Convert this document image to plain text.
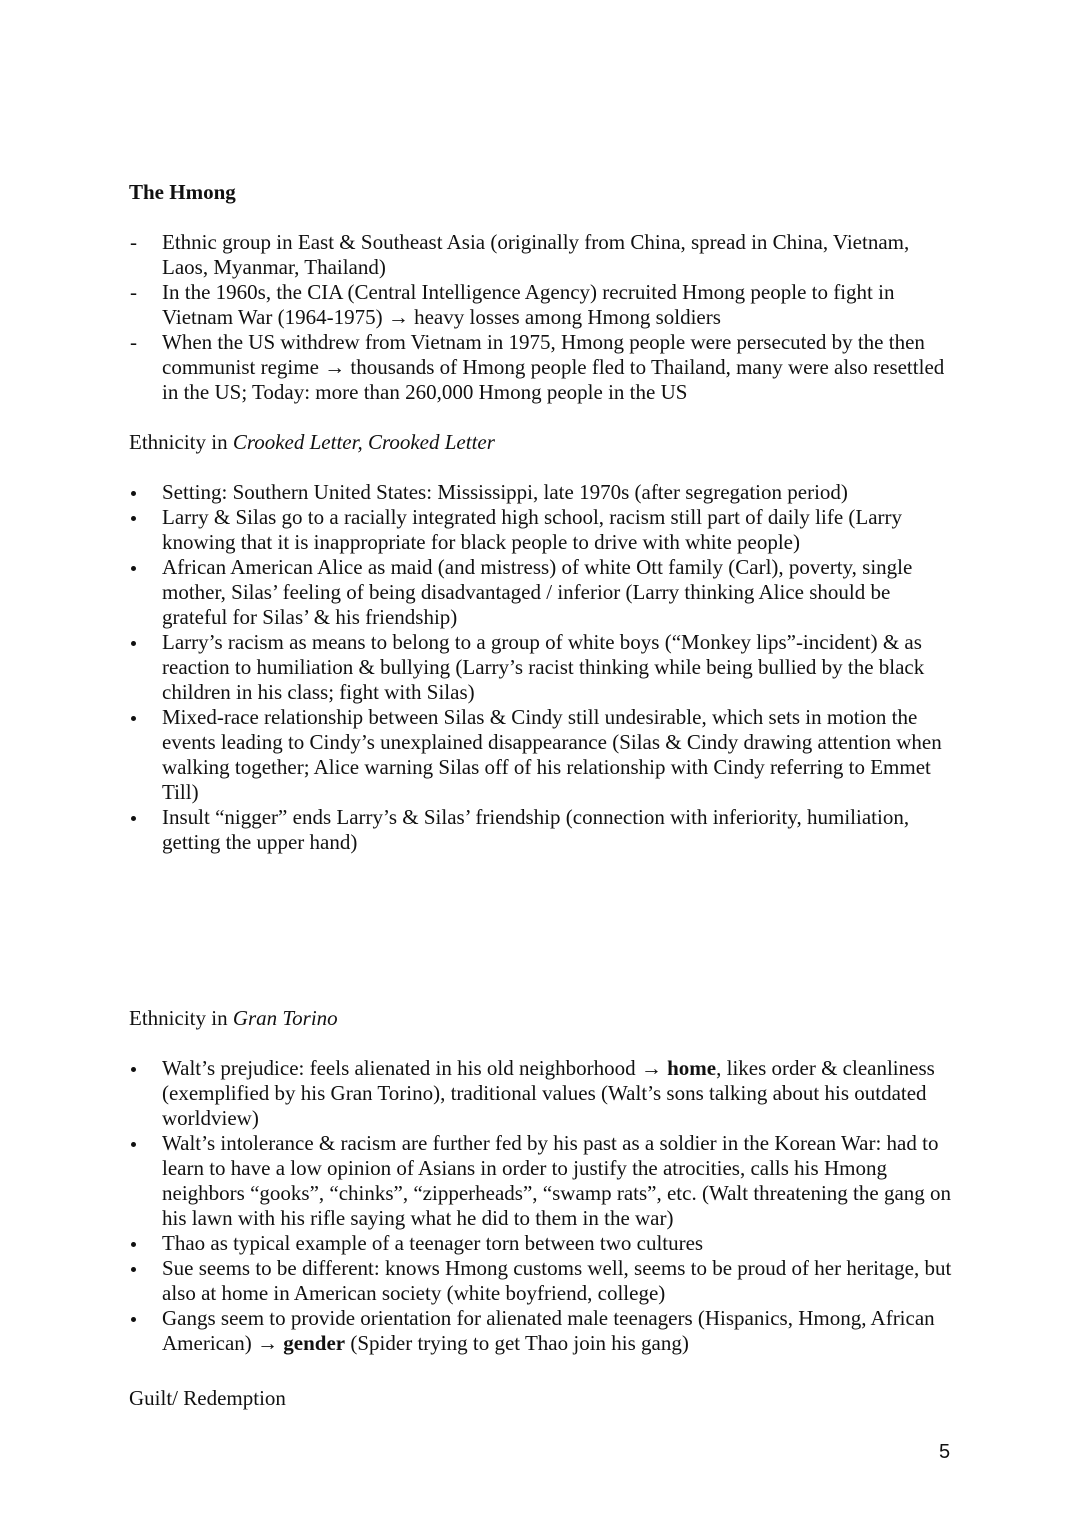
The Hmong
Ethnic group in East & Southeast Asia (originally from China, spread in China, Vietnam, Laos, Myanmar, Thailand)
In the 1960s, the CIA (Central Intelligence Agency) recruited Hmong people to fight in Vietnam War (1964-1975) → heavy losses among Hmong soldiers
When the US withdrew from Vietnam in 1975, Hmong people were persecuted by the then communist regime → thousands of Hmong people fled to Thailand, many were also resettled in the US; Today: more than 260,000 Hmong people in the US
Ethnicity in Crooked Letter, Crooked Letter
Setting: Southern United States: Mississippi, late 1970s (after segregation period)
Larry & Silas go to a racially integrated high school, racism still part of daily life (Larry knowing that it is inappropriate for black people to drive with white people)
African American Alice as maid (and mistress) of white Ott family (Carl), poverty, single mother, Silas’ feeling of being disadvantaged / inferior (Larry thinking Alice should be grateful for Silas’ & his friendship)
Larry’s racism as means to belong to a group of white boys (“Monkey lips”-incident) & as reaction to humiliation & bullying (Larry’s racist thinking while being bullied by the black children in his class; fight with Silas)
Mixed-race relationship between Silas & Cindy still undesirable, which sets in motion the events leading to Cindy’s unexplained disappearance (Silas & Cindy drawing attention when walking together; Alice warning Silas off of his relationship with Cindy referring to Emmet Till)
Insult “nigger” ends Larry’s & Silas’ friendship (connection with inferiority, humiliation, getting the upper hand)
Ethnicity in Gran Torino
Walt’s prejudice: feels alienated in his old neighborhood → home, likes order & cleanliness (exemplified by his Gran Torino), traditional values (Walt’s sons talking about his outdated worldview)
Walt’s intolerance & racism are further fed by his past as a soldier in the Korean War: had to learn to have a low opinion of Asians in order to justify the atrocities, calls his Hmong neighbors “gooks”, “chinks”, “zipperheads”, “swamp rats”, etc. (Walt threatening the gang on his lawn with his rifle saying what he did to them in the war)
Thao as typical example of a teenager torn between two cultures
Sue seems to be different: knows Hmong customs well, seems to be proud of her heritage, but also at home in American society (white boyfriend, college)
Gangs seem to provide orientation for alienated male teenagers (Hispanics, Hmong, African American) → gender (Spider trying to get Thao join his gang)
Guilt/ Redemption
5
